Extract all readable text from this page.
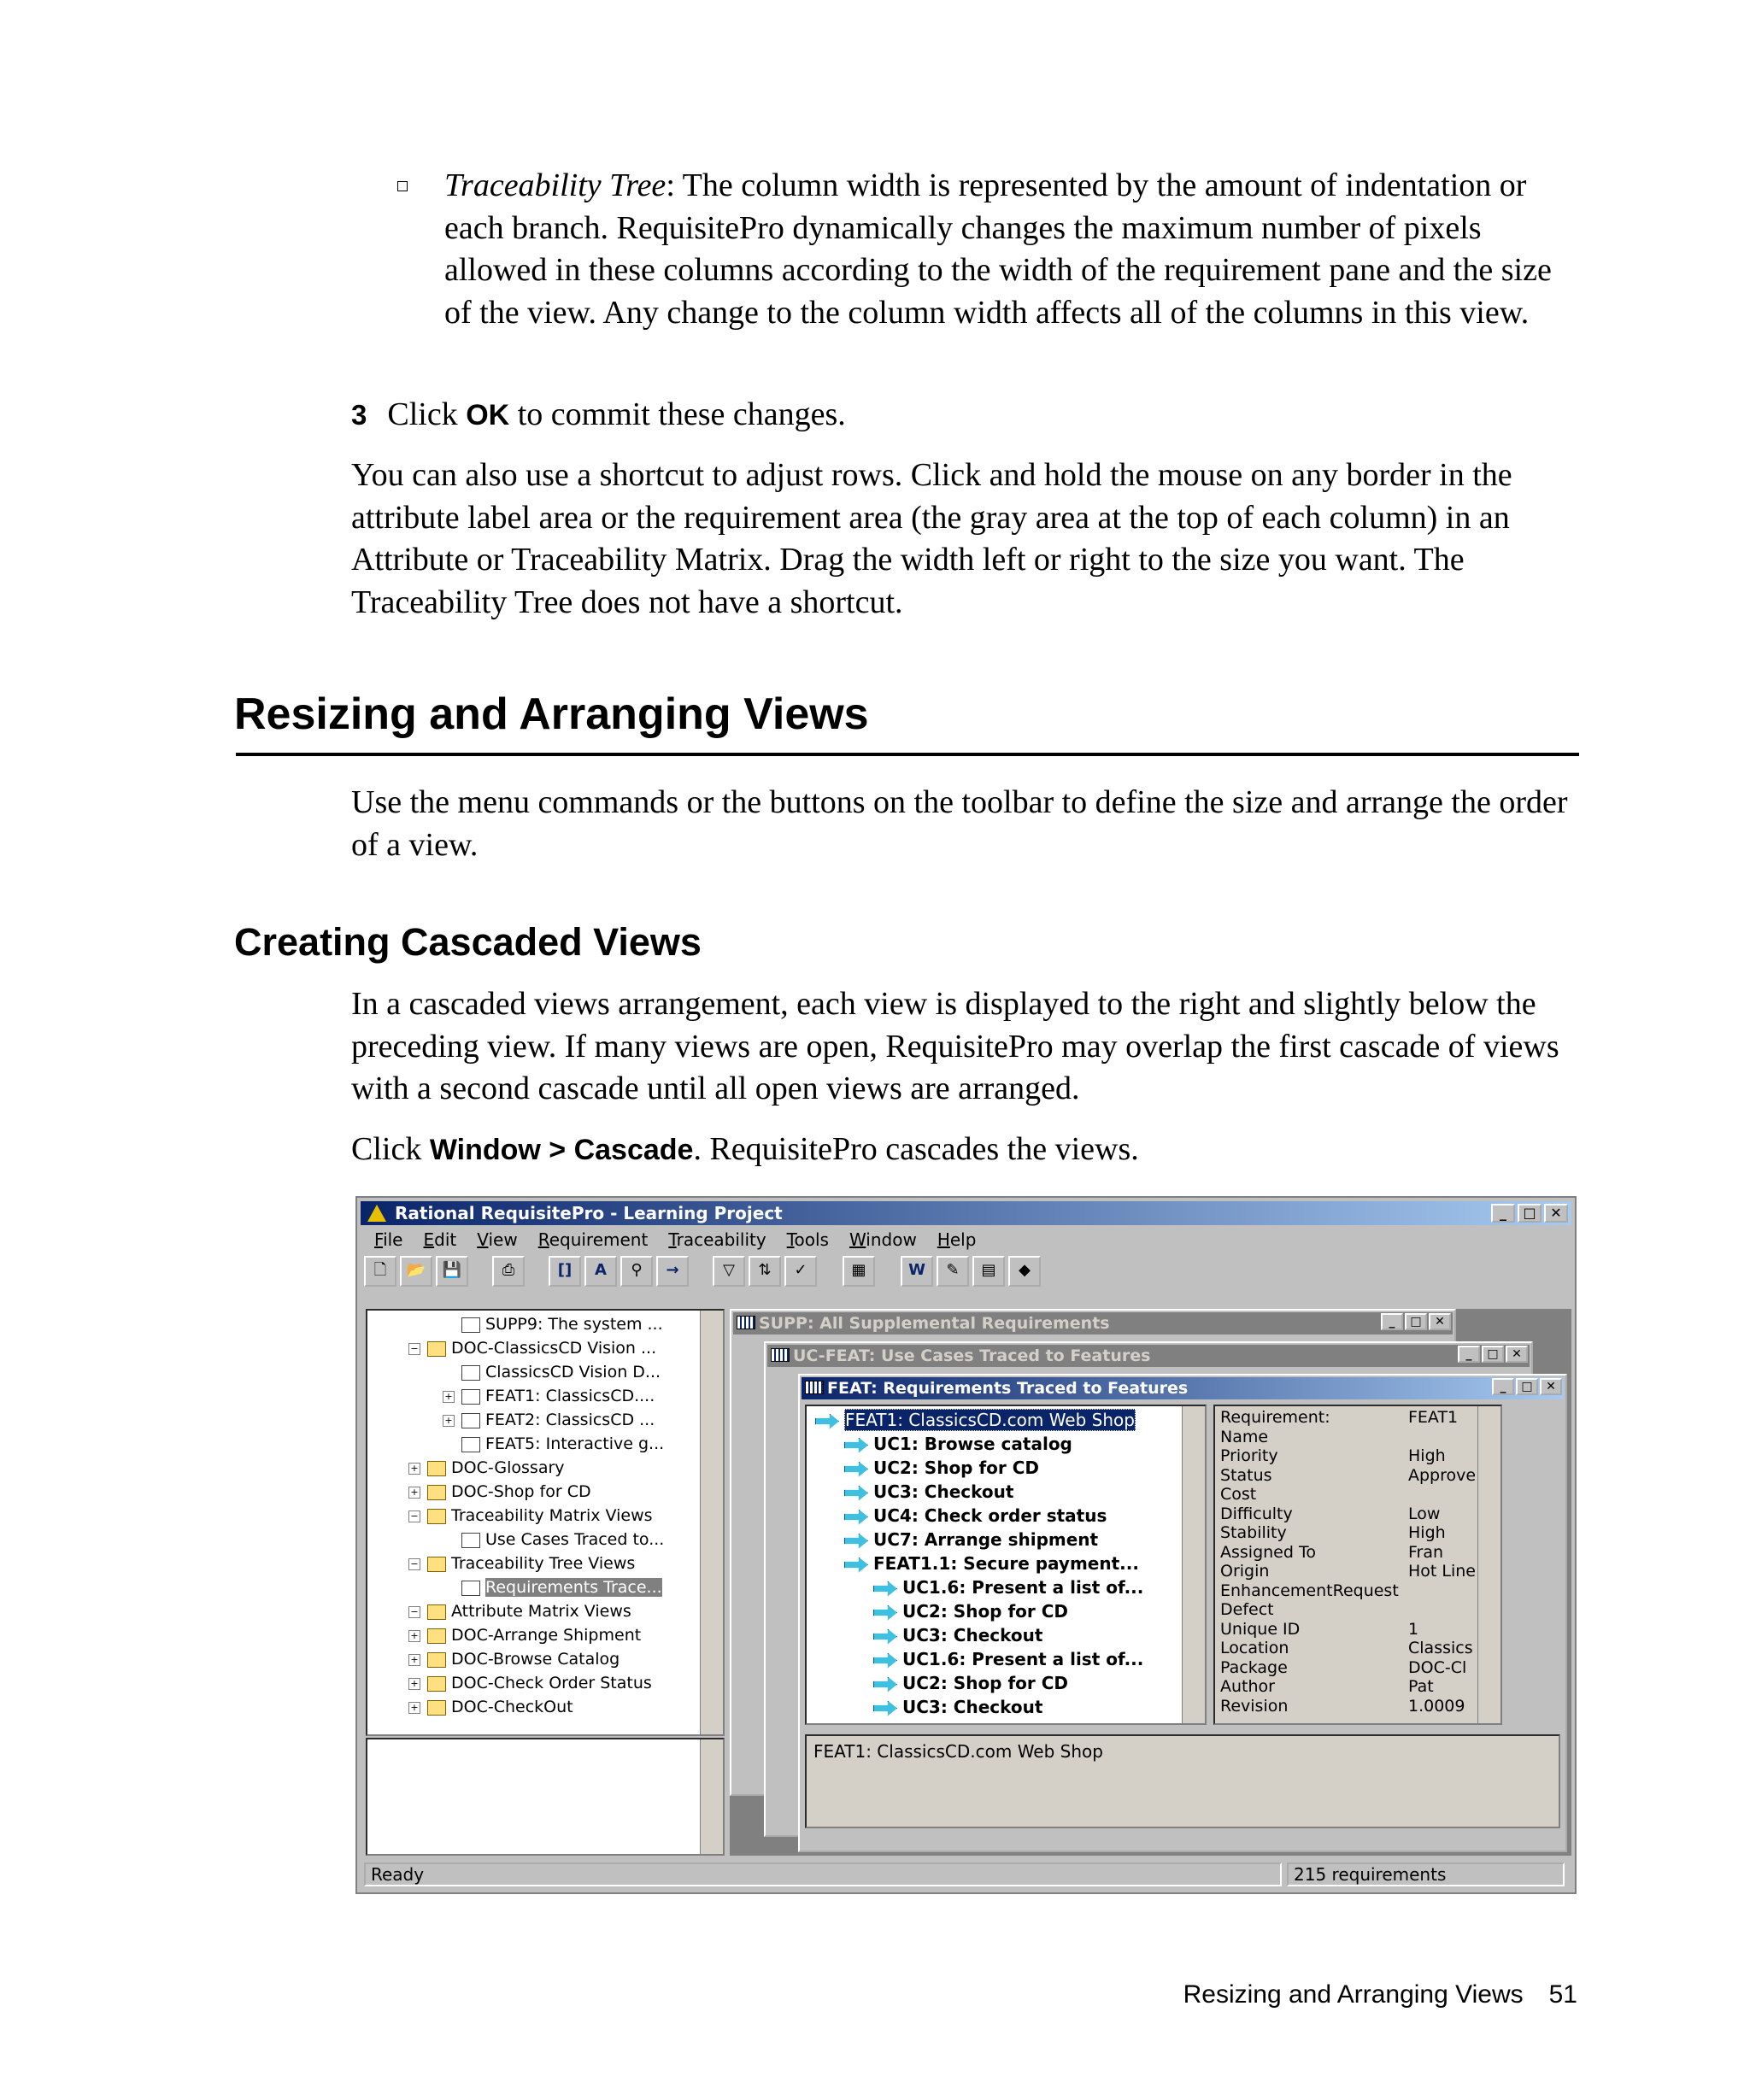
Traceability Tree: The column width is represented by the amount of indentation or each branch. RequisitePro dynamically changes the maximum number of pixels allowed in these columns according to the width of the requirement pane and the size of the view. Any change to the column width affects all of the columns in this view.
3 Click OK to commit these changes.
You can also use a shortcut to adjust rows. Click and hold the mouse on any border in the attribute label area or the requirement area (the gray area at the top of each column) in an Attribute or Traceability Matrix. Drag the width left or right to the size you want. The Traceability Tree does not have a shortcut.
Resizing and Arranging Views
Use the menu commands or the buttons on the toolbar to define the size and arrange the order of a view.
Creating Cascaded Views
In a cascaded views arrangement, each view is displayed to the right and slightly below the preceding view. If many views are open, RequisitePro may overlap the first cascade of views with a second cascade until all open views are arranged.
Click Window > Cascade. RequisitePro cascades the views.
Rational RequisitePro - Learning Project	_	□	✕
File	Edit	View	Requirement	Traceability	Tools	Window	Help
🗋	📂	💾	⎙	[]	A	⚲	→	▽	⇅	✓	▦	W	✎	▤	◆
SUPP9: The system ...
− DOC-ClassicsCD Vision ...
ClassicsCD Vision D...
+ FEAT1: ClassicsCD....
+ FEAT2: ClassicsCD ...
FEAT5: Interactive g...
+ DOC-Glossary
+ DOC-Shop for CD
− Traceability Matrix Views
Use Cases Traced to...
− Traceability Tree Views
Requirements Trace...
− Attribute Matrix Views
+ DOC-Arrange Shipment
+ DOC-Browse Catalog
+ DOC-Check Order Status
+ DOC-CheckOut
SUPP: All Supplemental Requirements	_	□	✕
UC-FEAT: Use Cases Traced to Features	_	□	✕
FEAT: Requirements Traced to Features	_	□	✕
FEAT1: ClassicsCD.com Web Shop
UC1: Browse catalog
UC2: Shop for CD
UC3: Checkout
UC4: Check order status
UC7: Arrange shipment
FEAT1.1: Secure payment...
UC1.6: Present a list of...
UC2: Shop for CD
UC3: Checkout
UC1.6: Present a list of...
UC2: Shop for CD
UC3: Checkout
Requirement:	FEAT1
Name
Priority	High
Status	Approve
Cost
Difficulty	Low
Stability	High
Assigned To	Fran
Origin	Hot Line
EnhancementRequest
Defect
Unique ID	1
Location	Classics
Package	DOC-Cl
Author	Pat
Revision	1.0009
FEAT1: ClassicsCD.com Web Shop
Ready	215 requirements
Resizing and Arranging Views 51
